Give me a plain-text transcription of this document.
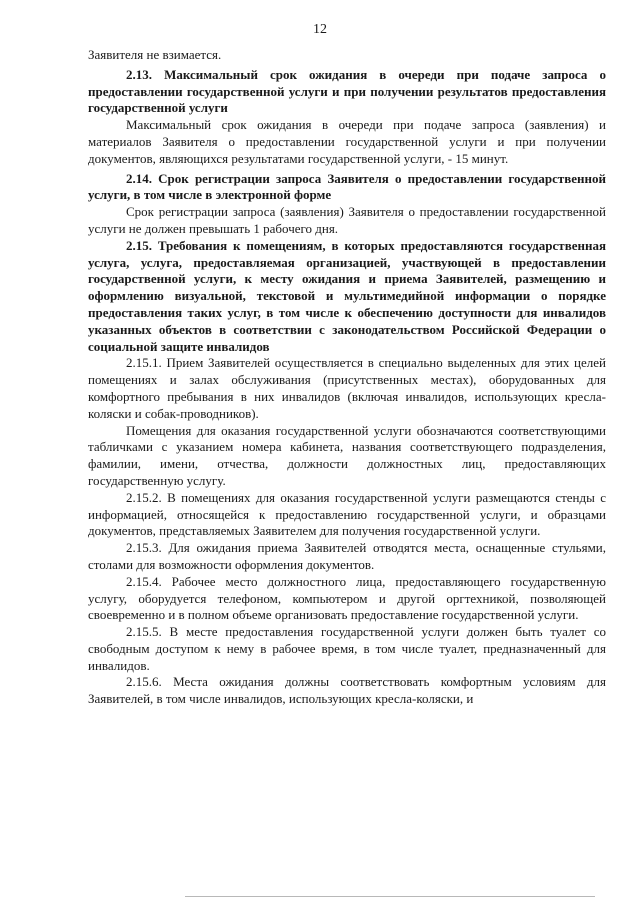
12

Заявителя не взимается.

2.13. Максимальный срок ожидания в очереди при подаче запроса о предоставлении государственной услуги и при получении результатов предоставления государственной услуги

Максимальный срок ожидания в очереди при подаче запроса (заявления) и материалов Заявителя о предоставлении государственной услуги и при получении документов, являющихся результатами государственной услуги, - 15 минут.

2.14. Срок регистрации запроса Заявителя о предоставлении государственной услуги, в том числе в электронной форме

Срок регистрации запроса (заявления) Заявителя о предоставлении государственной услуги не должен превышать 1 рабочего дня.

2.15. Требования к помещениям, в которых предоставляются государственная услуга, услуга, предоставляемая организацией, участвующей в предоставлении государственной услуги, к месту ожидания и приема Заявителей, размещению и оформлению визуальной, текстовой и мультимедийной информации о порядке предоставления таких услуг, в том числе к обеспечению доступности для инвалидов указанных объектов в соответствии с законодательством Российской Федерации о социальной защите инвалидов

2.15.1. Прием Заявителей осуществляется в специально выделенных для этих целей помещениях и залах обслуживания (присутственных местах), оборудованных для комфортного пребывания в них инвалидов (включая инвалидов, использующих кресла-коляски и собак-проводников).

Помещения для оказания государственной услуги обозначаются соответствующими табличками с указанием номера кабинета, названия соответствующего подразделения, фамилии, имени, отчества, должности должностных лиц, предоставляющих государственную услугу.

2.15.2. В помещениях для оказания государственной услуги размещаются стенды с информацией, относящейся к предоставлению государственной услуги, и образцами документов, представляемых Заявителем для получения государственной услуги.

2.15.3. Для ожидания приема Заявителей отводятся места, оснащенные стульями, столами для возможности оформления документов.

2.15.4. Рабочее место должностного лица, предоставляющего государственную услугу, оборудуется телефоном, компьютером и другой оргтехникой, позволяющей своевременно и в полном объеме организовать предоставление государственной услуги.

2.15.5. В месте предоставления государственной услуги должен быть туалет со свободным доступом к нему в рабочее время, в том числе туалет, предназначенный для инвалидов.

2.15.6. Места ожидания должны соответствовать комфортным условиям для Заявителей, в том числе инвалидов, использующих кресла-коляски, и
